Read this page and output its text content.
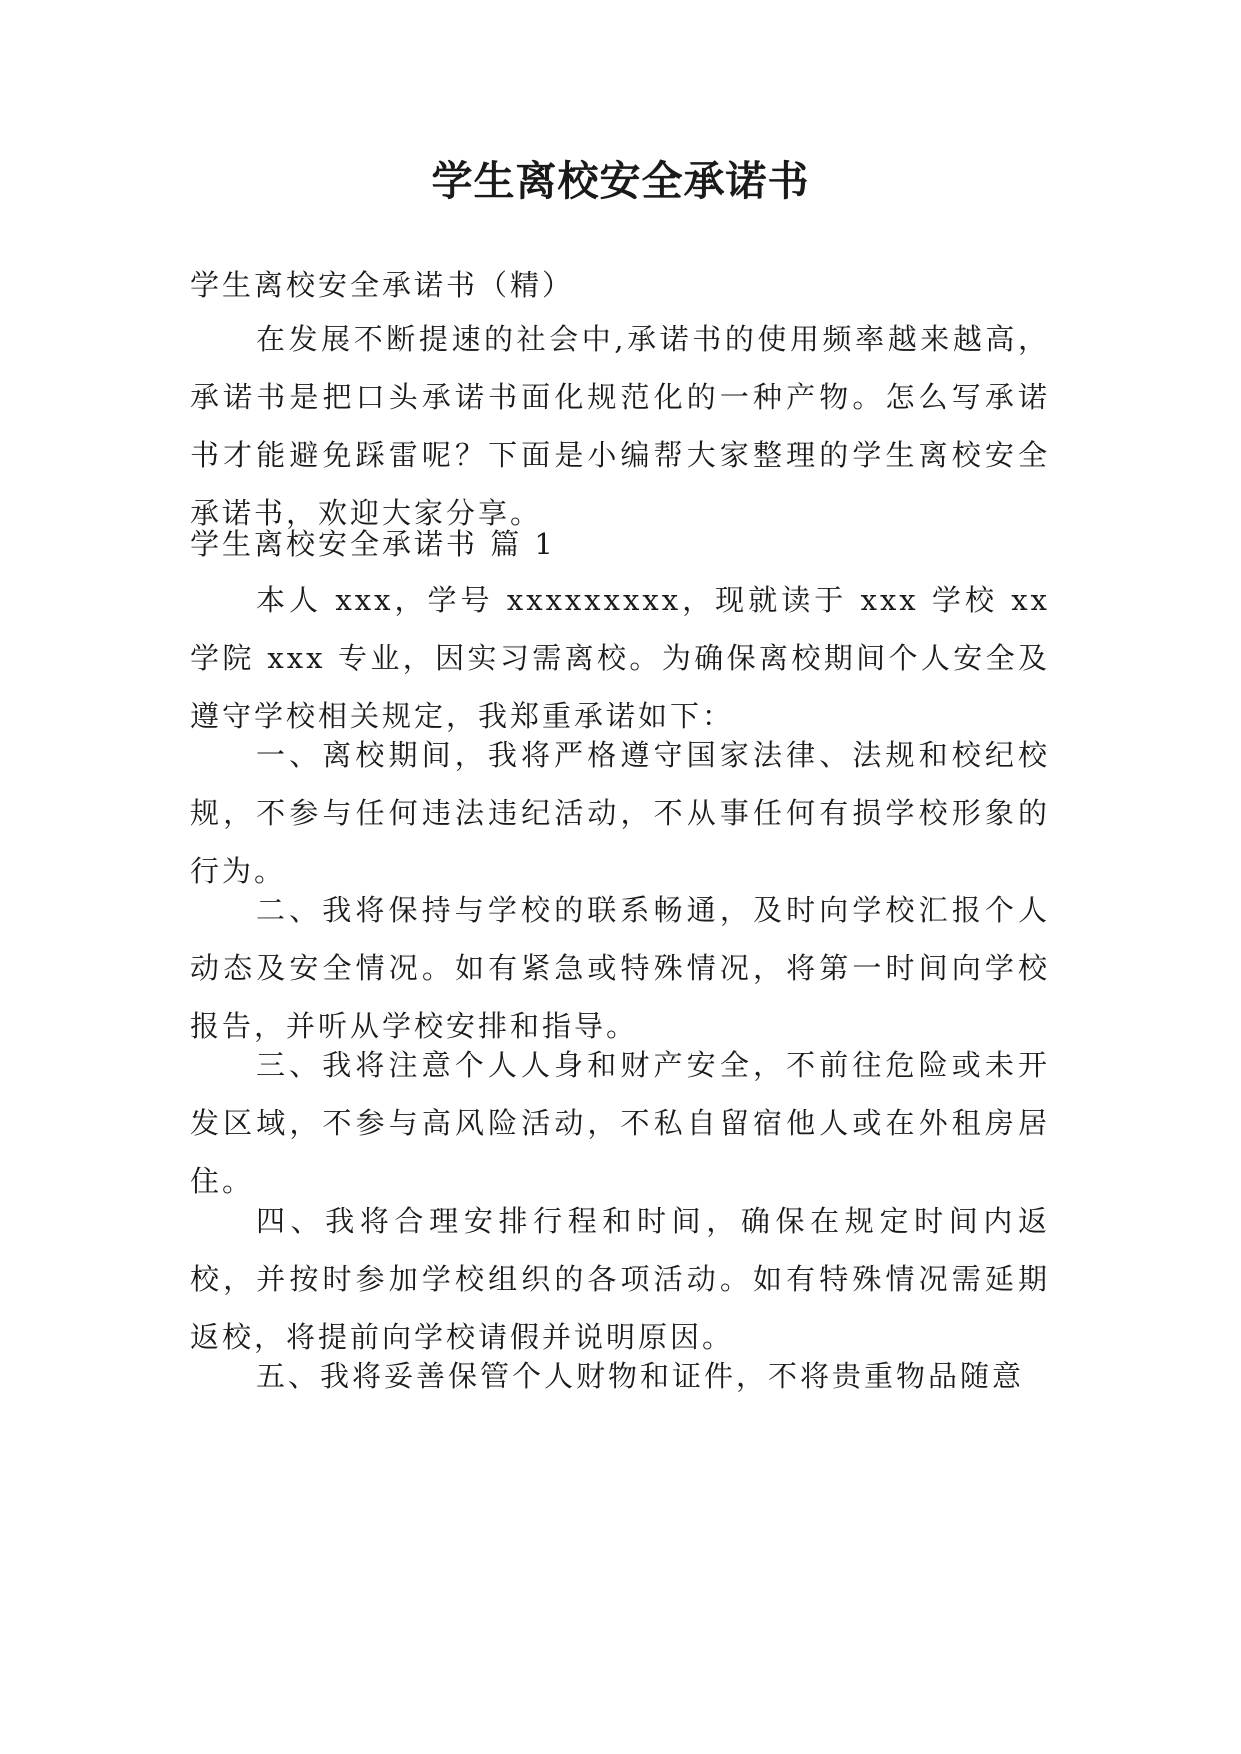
学生离校安全承诺书

学生离校安全承诺书（精）

在发展不断提速的社会中,承诺书的使用频率越来越高，承诺书是把口头承诺书面化规范化的一种产物。怎么写承诺书才能避免踩雷呢？下面是小编帮大家整理的学生离校安全承诺书，欢迎大家分享。

学生离校安全承诺书 篇 1

本人 xxx，学号 xxxxxxxxx，现就读于 xxx 学校 xx 学院 xxx 专业，因实习需离校。为确保离校期间个人安全及遵守学校相关规定，我郑重承诺如下：

一、离校期间，我将严格遵守国家法律、法规和校纪校规，不参与任何违法违纪活动，不从事任何有损学校形象的行为。

二、我将保持与学校的联系畅通，及时向学校汇报个人动态及安全情况。如有紧急或特殊情况，将第一时间向学校报告，并听从学校安排和指导。

三、我将注意个人人身和财产安全，不前往危险或未开发区域，不参与高风险活动，不私自留宿他人或在外租房居住。

四、我将合理安排行程和时间，确保在规定时间内返校，并按时参加学校组织的各项活动。如有特殊情况需延期返校，将提前向学校请假并说明原因。

五、我将妥善保管个人财物和证件，不将贵重物品随意
